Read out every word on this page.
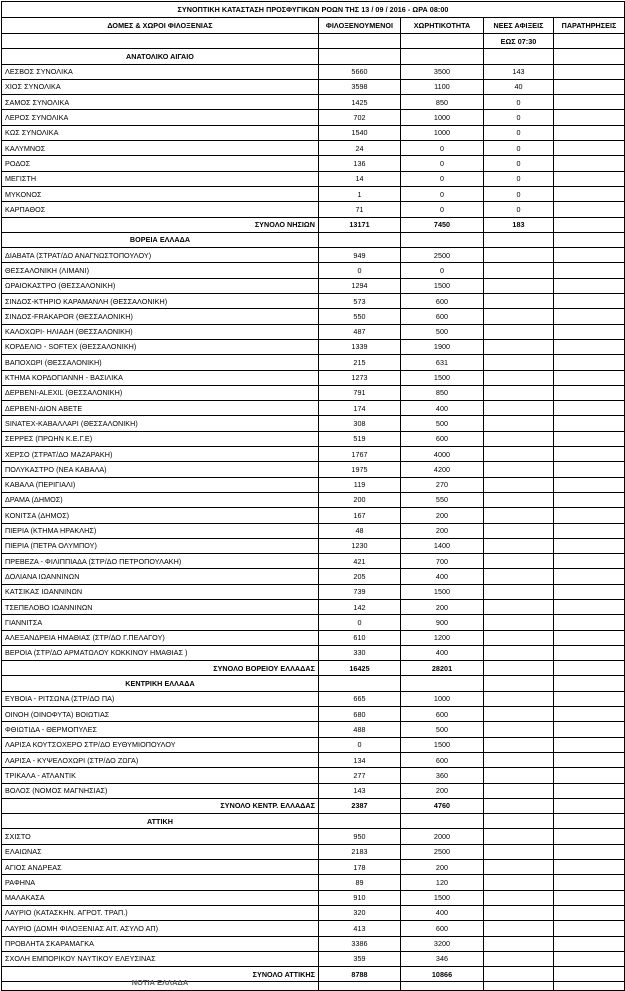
ΣΥΝΟΠΤΙΚΗ ΚΑΤΑΣΤΑΣΗ ΠΡΟΣΦΥΓΙΚΩΝ ΡΟΩΝ ΤΗΣ 13 / 09 / 2016 - ΩΡΑ 08:00				
ΔΟΜΕΣ & ΧΩΡΟΙ ΦΙΛΟΞΕΝΙΑΣ	ΦΙΛΟΞΕΝΟΥΜΕΝΟΙ	ΧΩΡΗΤΙΚΟΤΗΤΑ	ΝΕΕΣ ΑΦΙΞΕΙΣ	ΠΑΡΑΤΗΡΗΣΕΙΣ
			ΕΩΣ 07:30	
ΑΝΑΤΟΛΙΚΟ ΑΙΓΑΙΟ				
ΛΕΣΒΟΣ ΣΥΝΟΛΙΚΑ	5660	3500	143	
ΧΙΟΣ ΣΥΝΟΛΙΚΑ	3598	1100	40	
ΣΑΜΟΣ ΣΥΝΟΛΙΚΑ	1425	850	0	
ΛΕΡΟΣ ΣΥΝΟΛΙΚΑ	702	1000	0	
ΚΩΣ ΣΥΝΟΛΙΚΑ	1540	1000	0	
ΚΑΛΥΜΝΟΣ	24	0	0	
ΡΟΔΟΣ	136	0	0	
ΜΕΓΙΣΤΗ	14	0	0	
ΜΥΚΟΝΟΣ	1	0	0	
ΚΑΡΠΑΘΟΣ	71	0	0	
ΣΥΝΟΛΟ ΝΗΣΙΩΝ	13171	7450	183	
ΒΟΡΕΙΑ ΕΛΛΑΔΑ				
ΔΙΑΒΑΤΑ (ΣΤΡΑΤ/ΔΟ ΑΝΑΓΝΩΣΤΟΠΟΥΛΟΥ)	949	2500		
ΘΕΣΣΑΛΟΝΙΚΗ (ΛΙΜΑΝΙ)	0	0		
ΩΡΑΙΟΚΑΣΤΡΟ (ΘΕΣΣΑΛΟΝΙΚΗ)	1294	1500		
ΣΙΝΔΟΣ-ΚΤΗΡΙΟ ΚΑΡΑΜΑΝΛΗ (ΘΕΣΣΑΛΟΝΙΚΗ)	573	600		
ΣΙΝΔΟΣ-FRAKAPOR (ΘΕΣΣΑΛΟΝΙΚΗ)	550	600		
ΚΑΛΟΧΩΡΙ- ΗΛΙΑΔΗ (ΘΕΣΣΑΛΟΝΙΚΗ)	487	500		
ΚΟΡΔΕΛΙΟ - SOFTEX (ΘΕΣΣΑΛΟΝΙΚΗ)	1339	1900		
ΒΑΠΟΧΩΡΙ (ΘΕΣΣΑΛΟΝΙΚΗ)	215	631		
ΚΤΗΜΑ ΚΟΡΔΟΓΙΑΝΝΗ - ΒΑΣΙΛΙΚΑ	1273	1500		
ΔΕΡΒΕΝΙ-ALEXIL (ΘΕΣΣΑΛΟΝΙΚΗ)	791	850		
ΔΕΡΒΕΝΙ-ΔΙΟΝ ΑΒΕΤΕ	174	400		
SINATEX-ΚΑΒΑΛΛΑΡΙ (ΘΕΣΣΑΛΟΝΙΚΗ)	308	500		
ΣΕΡΡΕΣ (ΠΡΩΗΝ Κ.Ε.Γ.Ε)	519	600		
ΧΕΡΣΟ (ΣΤΡΑΤ/ΔΟ ΜΑΖΑΡΑΚΗ)	1767	4000		
ΠΟΛΥΚΑΣΤΡΟ (ΝΕΑ ΚΑΒΑΛΑ)	1975	4200		
ΚΑΒΑΛΑ (ΠΕΡΙΓΙΑΛΙ)	119	270		
ΔΡΑΜΑ (ΔΗΜΟΣ)	200	550		
ΚΟΝΙΤΣΑ (ΔΗΜΟΣ)	167	200		
ΠΙΕΡΙΑ (ΚΤΗΜΑ ΗΡΑΚΛΗΣ)	48	200		
ΠΙΕΡΙΑ (ΠΕΤΡΑ ΟΛΥΜΠΟΥ)	1230	1400		
ΠΡΕΒΕΖΑ - ΦΙΛΙΠΠΙΑΔΑ (ΣΤΡ/ΔΟ ΠΕΤΡΟΠΟΥΛΑΚΗ)	421	700		
ΔΟΛΙΑΝΑ ΙΩΑΝΝΙΝΩΝ	205	400		
ΚΑΤΣΙΚΑΣ ΙΩΑΝΝΙΝΩΝ	739	1500		
ΤΣΕΠΕΛΟΒΟ ΙΩΑΝΝΙΝΩΝ	142	200		
ΓΙΑΝΝΙΤΣΑ	0	900		
ΑΛΕΞΑΝΔΡΕΙΑ ΗΜΑΘΙΑΣ (ΣΤΡ/ΔΟ Γ.ΠΕΛΑΓΟΥ)	610	1200		
ΒΕΡΟΙΑ (ΣΤΡ/ΔΟ ΑΡΜΑΤΩΛΟΥ ΚΟΚΚΙΝΟΥ ΗΜΑΘΙΑΣ )	330	400		
ΣΥΝΟΛΟ ΒΟΡΕΙΟΥ ΕΛΛΑΔΑΣ	16425	28201		
ΚΕΝΤΡΙΚΗ ΕΛΛΑΔΑ				
ΕΥΒΟΙΑ - ΡΙΤΣΩΝΑ (ΣΤΡ/ΔΟ ΠΑ)	665	1000		
ΟΙΝΟΗ (ΟΙΝΟΦΥΤΑ) ΒΟΙΩΤΙΑΣ	680	600		
ΦΘΙΩΤΙΔΑ - ΘΕΡΜΟΠΥΛΕΣ	488	500		
ΛΑΡΙΣΑ ΚΟΥΤΣΟΧΕΡΟ ΣΤΡ/ΔΟ ΕΥΘΥΜΙΟΠΟΥΛΟΥ	0	1500		
ΛΑΡΙΣΑ - ΚΥΨΕΛΟΧΩΡΙ (ΣΤΡ/ΔΟ ΖΩΓΑ)	134	600		
ΤΡΙΚΑΛΑ - ΑΤΛΑΝΤΙΚ	277	360		
ΒΟΛΟΣ (ΝΟΜΟΣ ΜΑΓΝΗΣΙΑΣ)	143	200		
ΣΥΝΟΛΟ ΚΕΝΤΡ. ΕΛΛΑΔΑΣ	2387	4760		
ΑΤΤΙΚΗ				
ΣΧΙΣΤΟ	950	2000		
ΕΛΑΙΩΝΑΣ	2183	2500		
ΑΓΙΟΣ ΑΝΔΡΕΑΣ	178	200		
ΡΑΦΗΝΑ	89	120		
ΜΑΛΑΚΑΣΑ	910	1500		
ΛΑΥΡΙΟ (ΚΑΤΑΣΚΗΝ. ΑΓΡΟΤ. ΤΡΑΠ.)	320	400		
ΛΑΥΡΙΟ (ΔΟΜΗ ΦΙΛΟΞΕΝΙΑΣ ΑΙΤ. ΑΣΥΛΟ ΑΠ)	413	600		
ΠΡΟΒΛΗΤΑ ΣΚΑΡΑΜΑΓΚΑ	3386	3200		
ΣΧΟΛΗ ΕΜΠΟΡΙΚΟΥ ΝΑΥΤΙΚΟΥ ΕΛΕΥΣΙΝΑΣ	359	346		
ΣΥΝΟΛΟ ΑΤΤΙΚΗΣ	8788	10866		
ΝΟΤΙΑ ΕΛΛΑΔΑ				
